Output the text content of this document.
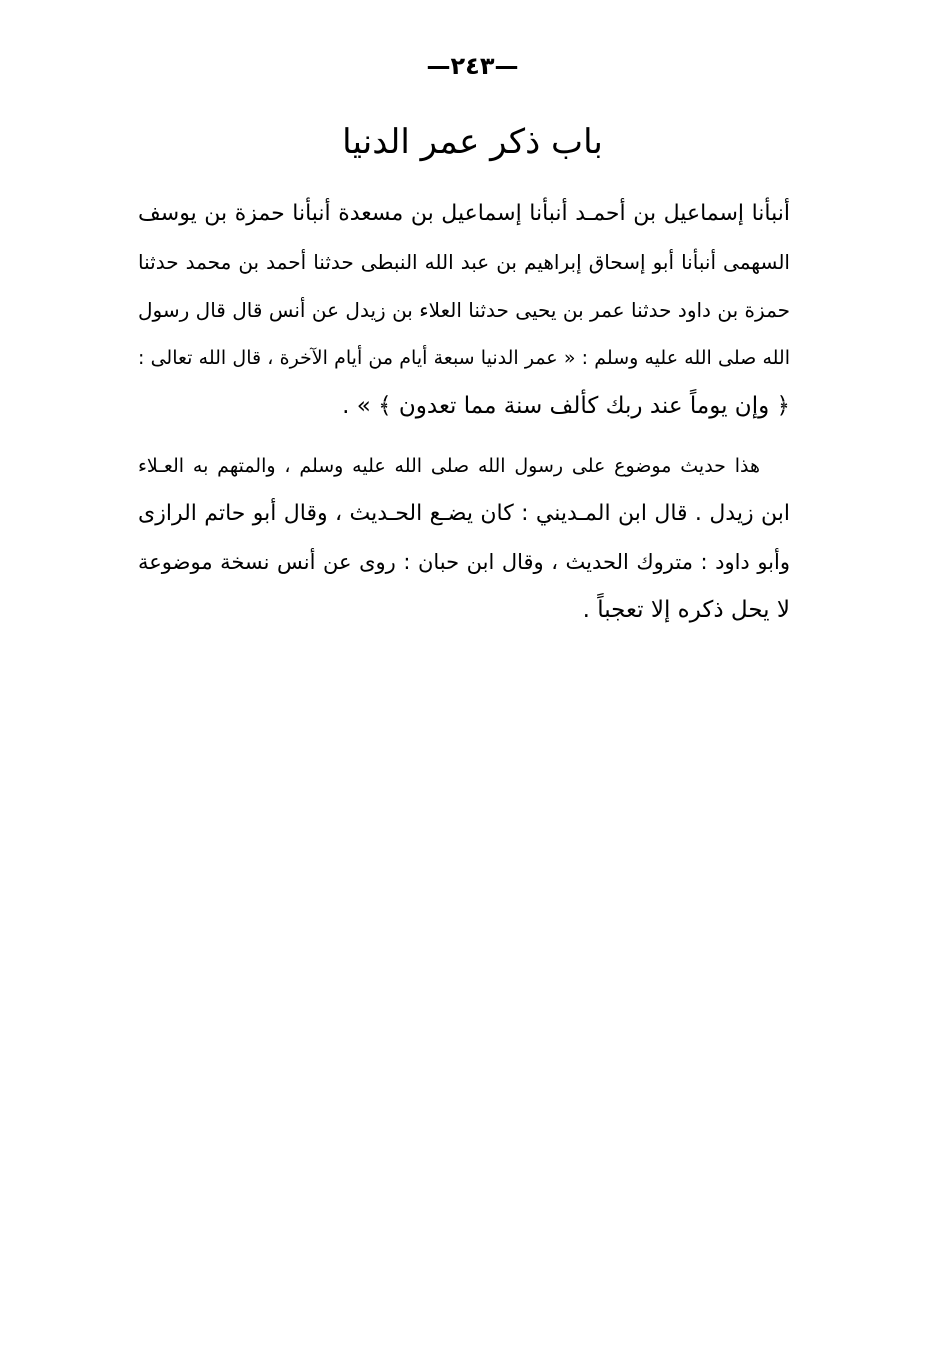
—٢٤٣—
باب ذكر عمر الدنيا
أنبأنا إسماعيل بن أحمـد أنبأنا إسماعيل بن مسعدة أنبأنا حمزة بن يوسف
السهمى أنبأنا أبو إسحاق إبراهيم بن عبد الله النبطى حدثنا أحمد بن محمد حدثنا
حمزة بن داود حدثنا عمر بن يحيى حدثنا العلاء بن زيدل عن أنس قال قال رسول
الله صلى الله عليه وسلم : « عمر الدنيا سبعة أيام من أيام الآخرة ، قال الله تعالى :
﴿ وإن يوماً عند ربك كألف سنة مما تعدون ﴾ » .
هذا حديث موضوع على رسول الله صلى الله عليه وسلم ، والمتهم به العـلاء
ابن زيدل . قال ابن المـديني : كان يضـع الحـديث ، وقال أبو حاتم الرازى
وأبو داود : متروك الحديث ، وقال ابن حبان : روى عن أنس نسخة موضوعة
لا يحل ذكره إلا تعجباً .
